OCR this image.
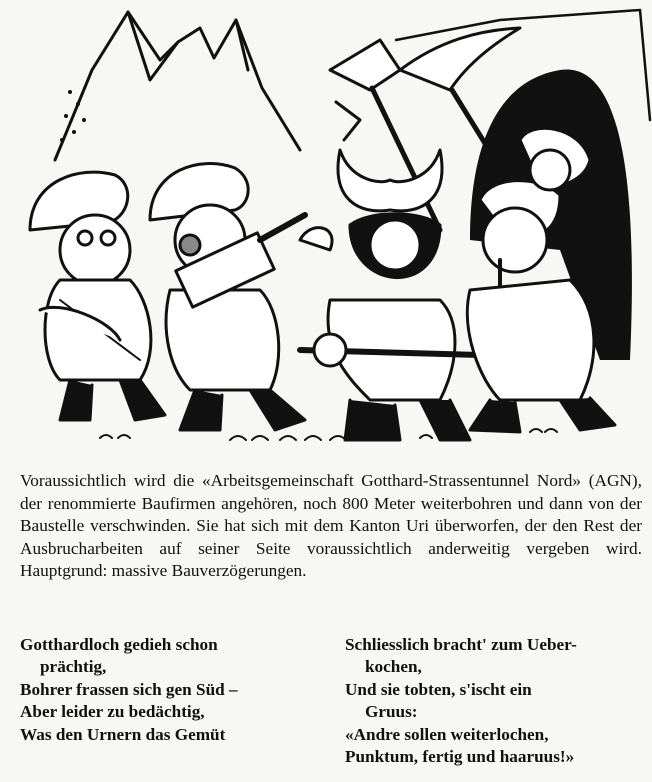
Voraussichtlich wird die «Arbeitsgemeinschaft Gotthard-Strassentunnel Nord» (AGN), der renommierte Baufirmen angehören, noch 800 Meter weiterbohren und dann von der Baustelle verschwinden. Sie hat sich mit dem Kanton Uri überworfen, der den Rest der Ausbrucharbeiten auf seiner Seite voraussichtlich anderweitig vergeben wird. Hauptgrund: massive Bauverzögerungen.

Gotthardloch gedieh schon
prächtig,
Bohrer frassen sich gen Süd –
Aber leider zu bedächtig,
Was den Urnern das Gemüt
Schliesslich bracht' zum Ueber-
kochen,
Und sie tobten, s'ischt ein
Gruus:
«Andre sollen weiterlochen,
Punktum, fertig und haaruus!»
